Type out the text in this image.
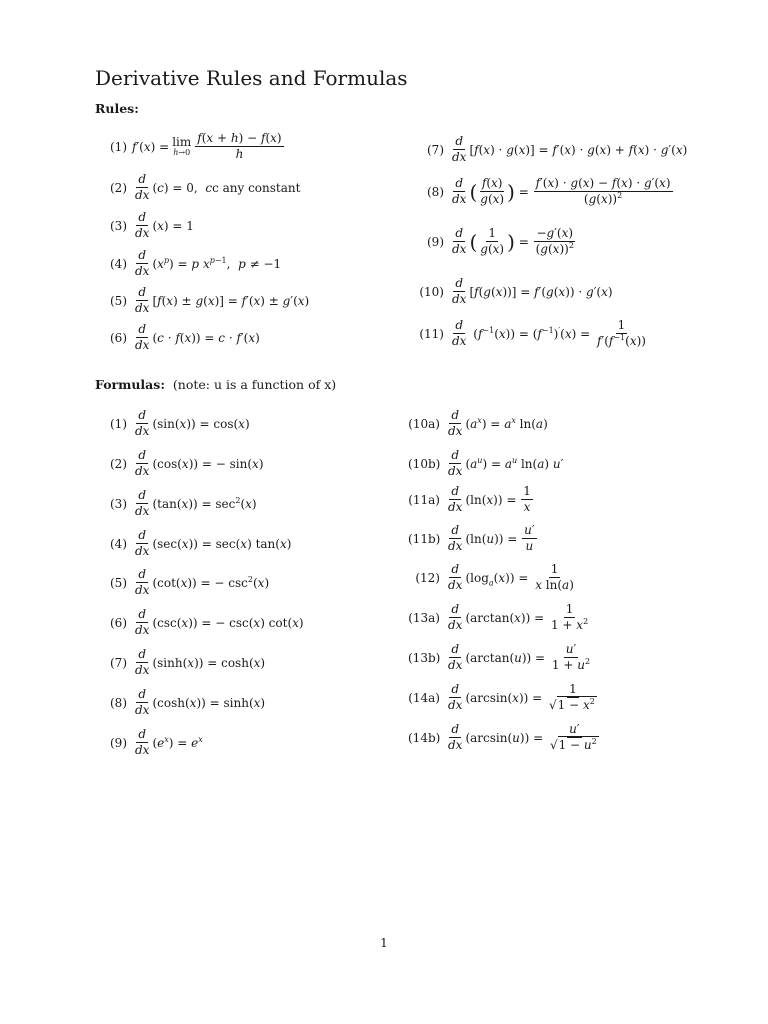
Derivative Rules and Formulas
Rules:
(1) f′(x) = lim
$h\to 0 \frac{f(x + h) - f(x)}{h}$
$(2) \frac{d}{dx} (c) = 0$,  c c any constant
$(3) \frac{d}{dx} (x) = 1$
$(4) \frac{d}{dx} (x^p) = p$ $x^{p-1}$,  p ≠ −1
$(5) \frac{d}{dx} [f(x) \pm g(x)] = f'(x) \pm g'(x)$
$(6) \frac{d}{dx} (c \cdot f(x)) = c \cdot f'(x)$
$(7) \frac{d}{dx} [f(x) \cdot g(x)] = f'(x) \cdot g(x) + f(x) \cdot g'(x)$
$(8) \frac{d}{dx}$ ( $\frac{f(x)}{g(x)}$ ) = $\frac{f'(x) \cdot g(x) - f(x) \cdot g'(x)}{(g(x))^2}$
$(9) \frac{d}{dx}$ ( $\frac{1}{g(x)}$ ) = $\frac{-g'(x)}{(g(x))^2}$
$(10) \frac{d}{dx} [f(g(x))] = f'(g(x)) \cdot g'(x)$
$(11) \frac{d}{dx} (f^{-1}(x)) = (f^{-1})'(x) = \frac{1}{f'(f^{-1}(x))}$
Formulas: (note: u is a function of x)
$(1) \frac{d}{dx} (\sin(x)) = \cos(x)$
$(2) \frac{d}{dx} (\cos(x))$ = − sin(x)
$(3) \frac{d}{dx} (\tan(x)) = \sec^2(x)$
$(4) \frac{d}{dx} (\sec(x)) = \sec(x)$ tan(x)
$(5) \frac{d}{dx} (\cot(x))$ = − $\csc^2(x)$
$(6) \frac{d}{dx} (\csc(x))$ = − csc(x) cot(x)
$(7) \frac{d}{dx} (\sinh(x)) = \cosh(x)$
$(8) \frac{d}{dx} (\cosh(x)) = \sinh(x)$
$(9) \frac{d}{dx} (e^x) = e^x$
$(10a) \frac{d}{dx} (a^x) = a^x$ ln(a)
$(10b) \frac{d}{dx} (a^u) = a^u$ ln(a) u′
$(11a) \frac{d}{dx} (\ln(x)) = \frac{1}{x}$
$(11b) \frac{d}{dx} (\ln(u)) = \frac{u'}{u}$
$(12) \frac{d}{dx} (\log_a(x)) = \frac{1}{\text{x ln(a)}}$
$(13a) \frac{d}{dx} (\arctan(x)) = \frac{1}{1 + x^2}$
$(13b) \frac{d}{dx} (\arctan(u)) = \frac{u'}{1 + u^2}$
$(14a) \frac{d}{dx} (\arcsin(x)) = \frac{1}{√1 - x^2}$
$(14b) \frac{d}{dx} (\arcsin(u)) = \frac{u'}{√1 - u^2}$
1
